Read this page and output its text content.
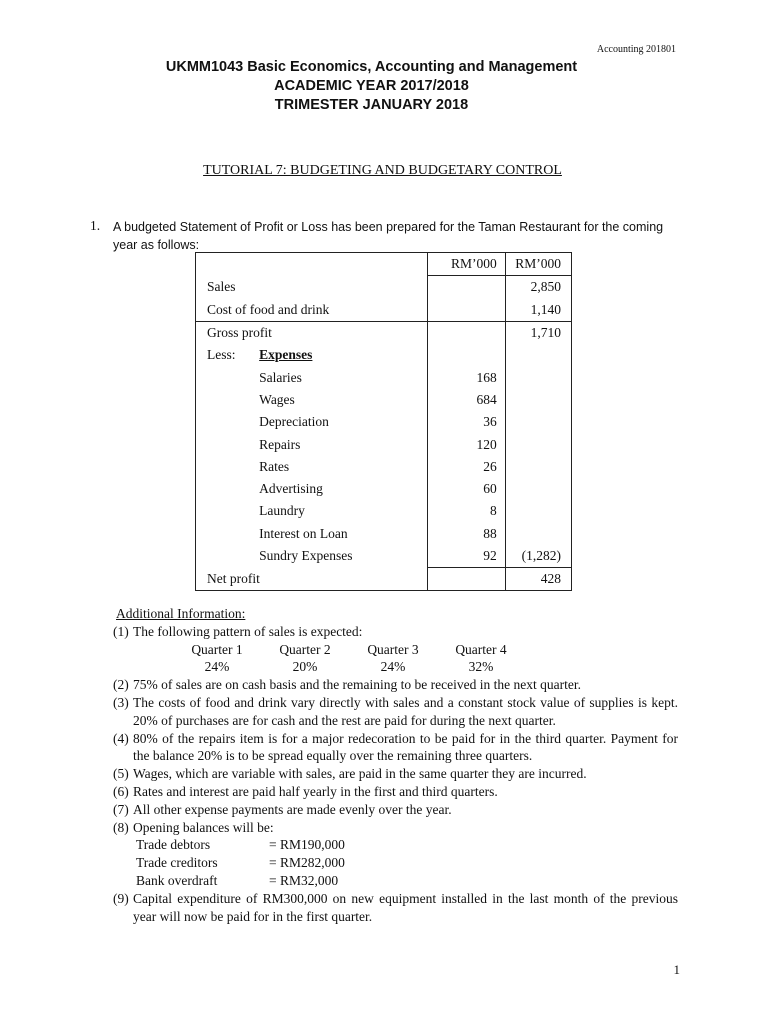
Accounting 201801
UKMM1043 Basic Economics, Accounting and Management
ACADEMIC YEAR 2017/2018
TRIMESTER JANUARY 2018
TUTORIAL 7: BUDGETING AND BUDGETARY CONTROL
1. A budgeted Statement of Profit or Loss has been prepared for the Taman Restaurant for the coming year as follows:
		RM’000	RM’000
Sales			2,850
Cost of food and drink			1,140
Gross profit			1,710
Less:	Expenses		
	Salaries	168	
	Wages	684	
	Depreciation	36	
	Repairs	120	
	Rates	26	
	Advertising	60	
	Laundry	8	
	Interest on Loan	88	
	Sundry Expenses	92	(1,282)
Net profit			428
Additional Information:
(1) The following pattern of sales is expected:
Quarter 1	Quarter 2	Quarter 3	Quarter 4
24%	20%	24%	32%
(2) 75% of sales are on cash basis and the remaining to be received in the next quarter.
(3) The costs of food and drink vary directly with sales and a constant stock value of supplies is kept. 20% of purchases are for cash and the rest are paid for during the next quarter.
(4) 80% of the repairs item is for a major redecoration to be paid for in the third quarter. Payment for the balance 20% is to be spread equally over the remaining three quarters.
(5) Wages, which are variable with sales, are paid in the same quarter they are incurred.
(6) Rates and interest are paid half yearly in the first and third quarters.
(7) All other expense payments are made evenly over the year.
(8) Opening balances will be:
Trade debtors	= RM190,000
Trade creditors	= RM282,000
Bank overdraft	= RM32,000
(9) Capital expenditure of RM300,000 on new equipment installed in the last month of the previous year will now be paid for in the first quarter.
1
